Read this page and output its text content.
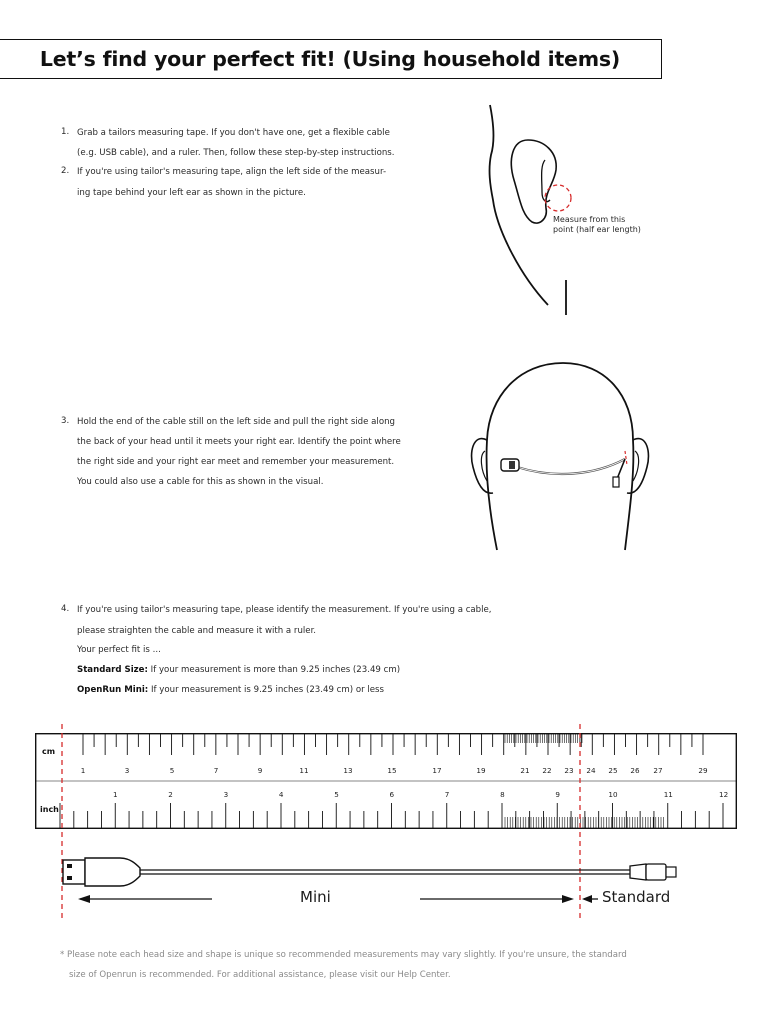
Let’s find your perfect fit! (Using household items)
1. Grab a tailors measuring tape. If you don't have one, get a flexible cable
(e.g. USB cable), and a ruler. Then, follow these step-by-step instructions.
2. If you're using tailor's measuring tape, align the left side of the measur-
ing tape behind your left ear as shown in the picture.
Measure from this
point (half ear length)
3. Hold the end of the cable still on the left side and pull the right side along
the back of your head until it meets your right ear. Identify the point where
the right side and your right ear meet and remember your measurement.
You could also use a cable for this as shown in the visual.
4. If you're using tailor's measuring tape, please identify the measurement. If you're using a cable,
please straighten the cable and measure it with a ruler.
Your perfect fit is ...
Standard Size: If your measurement is more than 9.25 inches (23.49 cm)
OpenRun Mini: If your measurement is 9.25 inches (23.49 cm) or less
cm
inch
1	3	5	7	9	11	13	15	17	19	21 22 23 24 25 26 27	29
1	2	3	4	5	6	7	8	9	10	11	12
Mini	Standard
* Please note each head size and shape is unique so recommended measurements may vary slightly. If you're unsure, the standard
size of Openrun is recommended. For additional assistance, please visit our Help Center.
